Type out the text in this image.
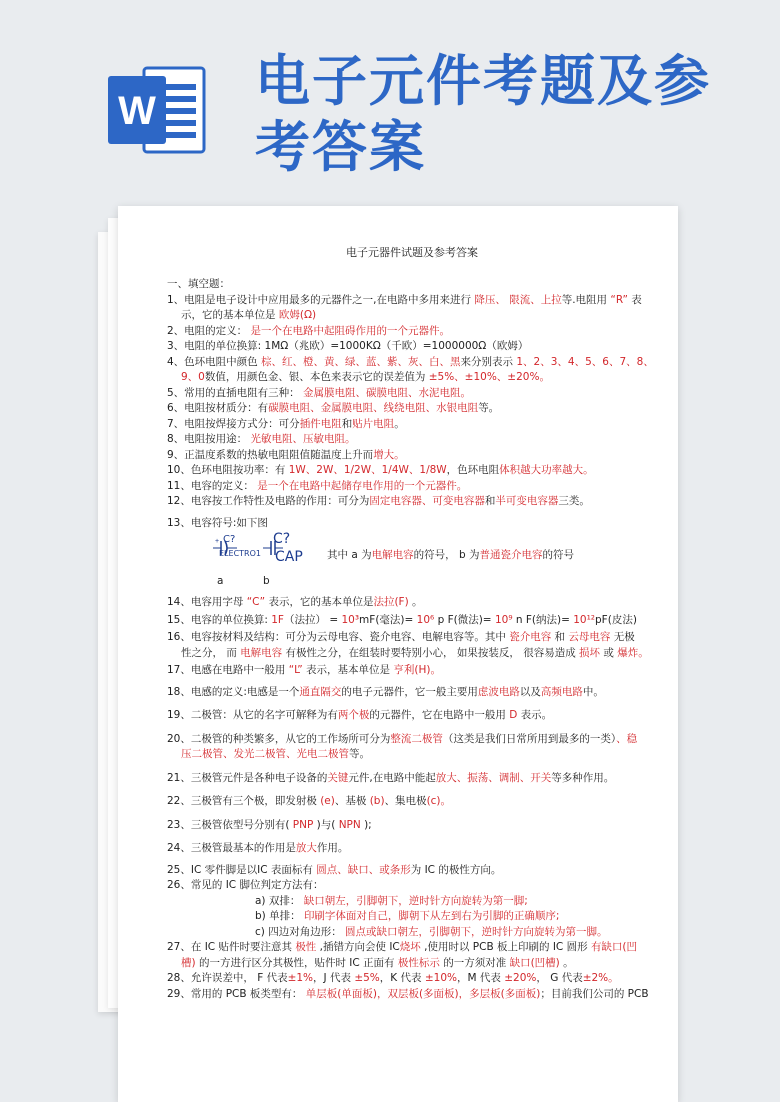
W 电子元件考题及参考答案
电子元器件试题及参考答案
一、填空题：
1、电阻是电子设计中应用最多的元器件之一,在电路中多用来进行 降压、 限流、上拉等.电阻用 “R” 表
示，它的基本单位是 欧姆(Ω)
2、电阻的定义： 是一个在电路中起阻碍作用的一个元器件。
3、电阻的单位换算: 1MΩ（兆欧）=1000KΩ（千欧）=1000000Ω（欧姆）
4、色环电阻中颜色 棕、红、橙、黄、绿、蓝、紫、灰、白、黑来分别表示 1、2、3、4、5、6、7、8、
9、0数值，用颜色金、银、本色来表示它的误差值为 ±5%、±10%、±20%。
5、常用的直插电阻有三种： 金属膜电阻、碳膜电阻、水泥电阻。
6、电阻按材质分：有碳膜电阻、金属膜电阻、线绕电阻、水银电阻等。
7、电阻按焊接方式分：可分插件电阻和贴片电阻。
8、电阻按用途： 光敏电阻、压敏电阻。
9、正温度系数的热敏电阻阻值随温度上升而增大。
10、色环电阻按功率：有 1W、2W、1/2W、1/4W、1/8W，色环电阻体积越大功率越大。
11、电容的定义： 是一个在电路中起储存电作用的一个元器件。
12、电容按工作特性及电路的作用：可分为固定电容器、可变电容器和半可变电容器三类。
13、电容符号:如下图
+ C?
ELECTRO1
C?
CAP 其中 a 为电解电容的符号， b 为普通瓷介电容的符号
a	b
14、电容用字母 “C” 表示，它的基本单位是法拉(F) 。
15、电容的单位换算: 1F（法拉） = 10³mF(毫法)= 10⁶ p F(微法)= 10⁹ n F(纳法)= 10¹²pF(皮法)
16、电容按材料及结构：可分为云母电容、瓷介电容、电解电容等。其中 瓷介电容 和 云母电容 无极
性之分， 而 电解电容 有极性之分，在组装时要特别小心， 如果按装反， 很容易造成 损坏 或 爆炸。
17、电感在电路中一般用 “L” 表示，基本单位是 亨利(H)。
18、电感的定义:电感是一个通直隔交的电子元器件，它一般主要用虑波电路以及高频电路中。
19、二极管：从它的名字可解释为有两个极的元器件，它在电路中一般用 D 表示。
20、二极管的种类繁多，从它的工作场所可分为整流二极管（这类是我们日常所用到最多的一类）、稳
压二极管、发光二极管、光电二极管等。
21、三极管元件是各种电子设备的关键元件,在电路中能起放大、振荡、调制、开关等多种作用。
22、三极管有三个极，即发射极 (e)、基极 (b)、集电极(c)。
23、三极管依型号分别有( PNP )与( NPN );
24、三极管最基本的作用是放大作用。
25、IC 零件脚是以IC 表面标有 圆点、缺口、或条形为 IC 的极性方向。
26、常见的 IC 脚位判定方法有：
a) 双排： 缺口朝左，引脚朝下，逆时针方向旋转为第一脚;
b) 单排： 印刷字体面对自己，脚朝下从左到右为引脚的正确顺序;
c) 四边对角边形： 圆点或缺口朝左，引脚朝下，逆时针方向旋转为第一脚。
27、在 IC 贴件时要注意其 极性 ,插错方向会使 IC烧坏 ,使用时以 PCB 板上印刷的 IC 圆形 有缺口(凹
槽) 的一方进行区分其极性，贴件时 IC 正面有 极性标示 的一方须对准 缺口(凹槽) 。
28、允许误差中， F 代表±1%，J 代表 ±5%，K 代表 ±10%，M 代表 ±20%， G 代表±2%。
29、常用的 PCB 板类型有： 单层板(单面板)，双层板(多面板)，多层板(多面板)；目前我们公司的 PCB
